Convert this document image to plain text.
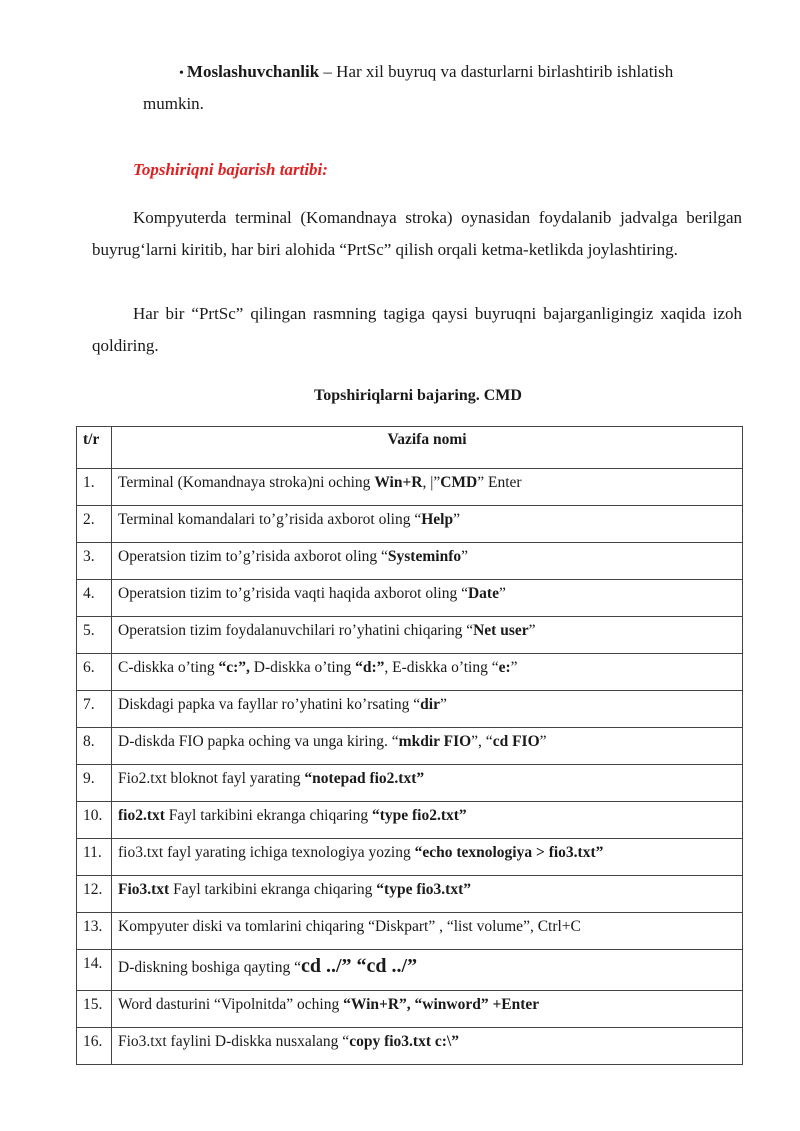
• Moslashuvchanlik – Har xil buyruq va dasturlarni birlashtirib ishlatish
mumkin.
Topshiriqni bajarish tartibi:
Kompyuterda terminal (Komandnaya stroka) oynasidan foydalanib jadvalga berilgan buyrug‘larni kiritib, har biri alohida “PrtSc” qilish orqali ketma-ketlikda joylashtiring.
Har bir “PrtSc” qilingan rasmning tagiga qaysi buyruqni bajarganligingiz xaqida izoh qoldiring.
Topshiriqlarni bajaring. CMD
t/r	Vazifa nomi
1.	Terminal (Komandnaya stroka)ni oching Win+R, |”CMD” Enter
2.	Terminal komandalari to’g’risida axborot oling “Help”
3.	Operatsion tizim to’g’risida axborot oling “Systeminfo”
4.	Operatsion tizim to’g’risida vaqti haqida axborot oling “Date”
5.	Operatsion tizim foydalanuvchilari ro’yhatini chiqaring “Net user”
6.	C-diskka o’ting “c:”, D-diskka o’ting “d:”, E-diskka o’ting “e:”
7.	Diskdagi papka va fayllar ro’yhatini ko’rsating “dir”
8.	D-diskda FIO papka oching va unga kiring. “mkdir FIO”, “cd FIO”
9.	Fio2.txt bloknot fayl yarating “notepad fio2.txt”
10.	fio2.txt Fayl tarkibini ekranga chiqaring “type fio2.txt”
11.	fio3.txt fayl yarating ichiga texnologiya yozing “echo texnologiya > fio3.txt”
12.	Fio3.txt Fayl tarkibini ekranga chiqaring “type fio3.txt”
13.	Kompyuter diski va tomlarini chiqaring “Diskpart” , “list volume”, Ctrl+C
14.	D-diskning boshiga qayting “cd ../” “cd ../”
15.	Word dasturini “Vipolnitda” oching “Win+R”, “winword” +Enter
16.	Fio3.txt faylini D-diskka nusxalang “copy fio3.txt c:\”
